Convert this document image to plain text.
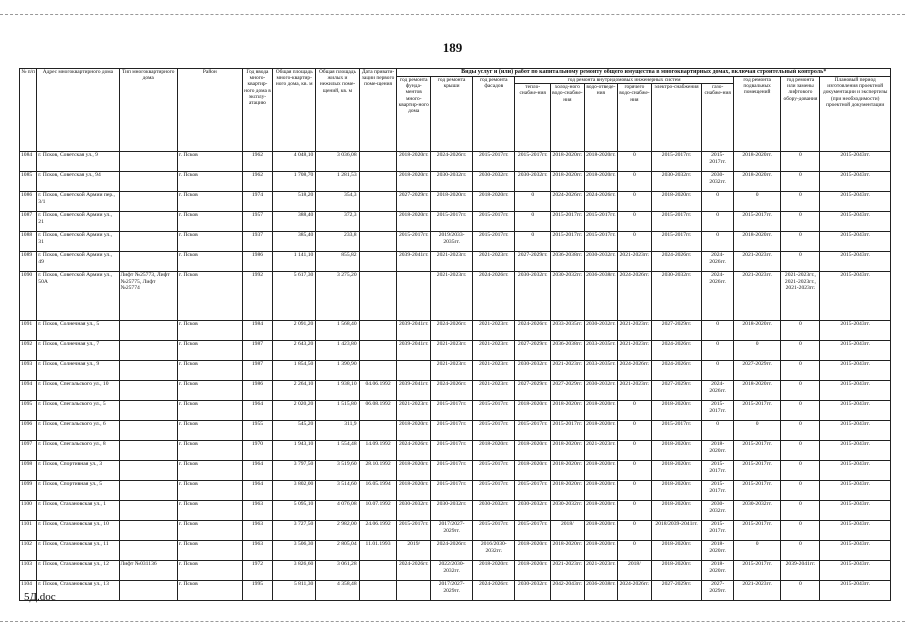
189
№ п/п	Адрес многоквартирного дома	Тип многоквартирного дома	Район	Год ввода много-квартир-ного дома в эксплу-атацию	Общая площадь много-квартир-ного дома, кв. м	Общая площадь жилых и нежилых поме-щений, кв. м	Дата привати-зации первого поме-щения	Виды услуг и (или) работ по капитальному ремонту общего имущества в многоквартирных домах, включая строительный контроль*											
								год ремонта фунда-ментов много-квартир-ного дома	год ремонта крыши	год ремонта фасадов	год ремонта внутридомовых инженерных систем						год ремонта подвальных помещений	год ремонта или замены лифтового обору-дования	Плановый период изготовления проектной документации и экспертизы (при необходимости) проектной документации
											тепло-снабже-ния	холод-ного водо-снабже-ния	водо-отведе-ния	горячего водо-снабже-ния	электро-снабжения	газо-снабже-ния			
1084	г. Псков, Советская ул., 9		г. Псков	1962	4 048,10	3 036,08		2018-2020гг.	2024-2026гг.	2015-2017гг.	2015-2017гг.	2018-2020гг.	2018-2020гг.	0	2015-2017гг.	2015-2017гг.	2018-2020гг.	0	2015-2043гг.
1085	г. Псков, Советская ул., 94		г. Псков	1962	1 708,70	1 281,53		2018-2020гг.	2030-2032гг.	2030-2032гг.	2030-2032гг.	2018-2020гг.	2018-2020гг.	0	2030-2032гг.	2030-2032гг.	2018-2020гг.	0	2015-2043гг.
1086	г. Псков, Советской Армии пер., 3/1		г. Псков	1974	518,20	354,3		2027-2029гг.	2018-2020гг.	2018-2020гг.	0	2024-2026гг.	2024-2026гг.	0	2018-2020гг.	0	0	0	2015-2043гг.
1087	г. Псков, Советской Армии ул., 21		г. Псков	1957	388,40	372,3		2018-2020гг.	2015-2017гг.	2015-2017гг.	0	2015-2017гг.	2015-2017гг.	0	2015-2017гг.	0	2015-2017гг.	0	2015-2043гг.
1088	г. Псков, Советской Армии ул., 31		г. Псков	1937	385,40	233,8		2015-2017гг.	2019/2033-2035гг.	2015-2017гг.	0	2015-2017гг.	2015-2017гг.	0	2015-2017гг.	0	2018-2020гг.	0	2015-2043гг.
1089	г. Псков, Советской Армии ул., 49		г. Псков	1986	1 141,10	855,82		2039-2041гг.	2021-2023гг.	2021-2023гг.	2027-2029гг.	2036-2038гг.	2030-2032гг.	2021-2023гг.	2024-2026гг.	2024-2026гг.	2021-2023гг.	0	2015-2043гг.
1090	г. Псков, Советской Армии ул., 50А	Лифт №25773, Лифт №25775, Лифт №25774	г. Псков	1992	5 617,30	3 275,20			2021-2023гг.	2024-2026гг.	2030-2032гг.	2030-2032гг.	2036-2038гг.	2024-2026гг.	2030-2032гг.	2024-2026гг.	2021-2023гг.	2021-2023гг., 2021-2023гг., 2021-2023гг.	2015-2043гг.
1091	г. Псков, Солнечная ул., 5		г. Псков	1984	2 091,20	1 568,40		2039-2041гг.	2024-2026гг.	2021-2023гг.	2024-2026гг.	2033-2035гг.	2030-2032гг.	2021-2023гг.	2027-2029гг.	0	2018-2020гг.	0	2015-2043гг.
1092	г. Псков, Солнечная ул., 7		г. Псков	1987	2 643,20	1 423,80		2039-2041гг.	2021-2023гг.	2021-2023гг.	2027-2029гг.	2036-2038гг.	2033-2035гг.	2021-2023гг.	2024-2026гг.	0	0	0	2015-2043гг.
1093	г. Псков, Солнечная ул., 9		г. Псков	1987	1 854,50	1 390,90			2021-2023гг.	2021-2023гг.	2030-2032гг.	2021-2023гг.	2033-2035гг.	2024-2026гг.	2024-2026гг.	0	2027-2029гг.	0	2015-2043гг.
1094	г. Псков, Спегальского ул., 10		г. Псков	1986	2 264,10	1 938,10	04.06.1992	2039-2041гг.	2024-2026гг.	2021-2023гг.	2027-2029гг.	2027-2029гг.	2030-2032гг.	2021-2023гг.	2027-2029гг.	2024-2026гг.	2018-2020гг.	0	2015-2043гг.
1095	г. Псков, Спегальского ул., 5		г. Псков	1964	2 020,20	1 515,80	06.08.1992	2021-2023гг.	2015-2017гг.	2015-2017гг.	2018-2020гг.	2018-2020гг.	2018-2020гг.	0	2018-2020гг.	2015-2017гг.	2015-2017гг.	0	2015-2043гг.
1096	г. Псков, Спегальского ул., 6		г. Псков	1955	545,20	311,9		2018-2020гг.	2015-2017гг.	2015-2017гг.	2015-2017гг.	2015-2017гг.	2018-2020гг.	0	2015-2017гг.	0	0	0	2015-2043гг.
1097	г. Псков, Спегальского ул., 8		г. Псков	1970	1 943,10	1 554,48	14.09.1992	2024-2026гг.	2015-2017гг.	2018-2020гг.	2018-2020гг.	2018-2020гг.	2021-2023гг.	0	2018-2020гг.	2018-2020гг.	2015-2017гг.	0	2015-2043гг.
1098	г. Псков, Спортивная ул., 3		г. Псков	1964	3 797,50	3 519,60	28.10.1992	2018-2020гг.	2015-2017гг.	2015-2017гг.	2018-2020гг.	2018-2020гг.	2018-2020гг.	0	2018-2020гг.	2015-2017гг.	2015-2017гг.	0	2015-2043гг.
1099	г. Псков, Спортивная ул., 5		г. Псков	1964	3 802,00	3 514,60	16.05.1994	2018-2020гг.	2015-2017гг.	2015-2017гг.	2015-2017гг.	2018-2020гг.	2018-2020гг.	0	2018-2020гг.	2015-2017гг.	2015-2017гг.	0	2015-2043гг.
1100	г. Псков, Стахановская ул., 1		г. Псков	1963	5 095,10	4 076,08	10.07.1992	2030-2032гг.	2030-2032гг.	2030-2032гг.	2030-2032гг.	2030-2032гг.	2018-2020гг.	0	2018-2020гг.	2030-2032гг.	2030-2032гг.	0	2015-2043гг.
1101	г. Псков, Стахановская ул., 10		г. Псков	1963	3 727,50	2 982,00	24.06.1992	2015-2017гг.	2017/2027-2029гг.	2015-2017гг.	2015-2017гг.	2018/	2018-2020гг.	0	2018/2039-2041гг.	2015-2017гг.	2015-2017гг.	0	2015-2043гг.
1102	г. Псков, Стахановская ул., 11		г. Псков	1963	3 506,30	2 805,04	11.01.1993	2019/	2024-2026гг.	2016/2030-2032гг.	2018-2020гг.	2018-2020гг.	2018-2020гг.	0	2018-2020гг.	2018-2020гг.	0	0	2015-2043гг.
1103	г. Псков, Стахановская ул., 12	Лифт №031136	г. Псков	1972	3 826,60	3 061,28		2024-2026гг.	2022/2030-2032гг.	2018-2020гг.	2018-2020гг.	2021-2023гг.	2021-2023гг.	2018/	2018-2020гг.	2018-2020гг.	2015-2017гг.	2039-2041гг.	2015-2043гг.
1104	г. Псков, Стахановская ул., 13		г. Псков	1995	5 811,30	4 358,48			2017/2027-2029гг.	2024-2026гг.	2030-2032гг.	2042-2043гг.	2036-2038гг.	2024-2026гг.	2027-2029гг.	2027-2029гг.	2021-2023гг.	0	2015-2043гг.
5Д.doc
